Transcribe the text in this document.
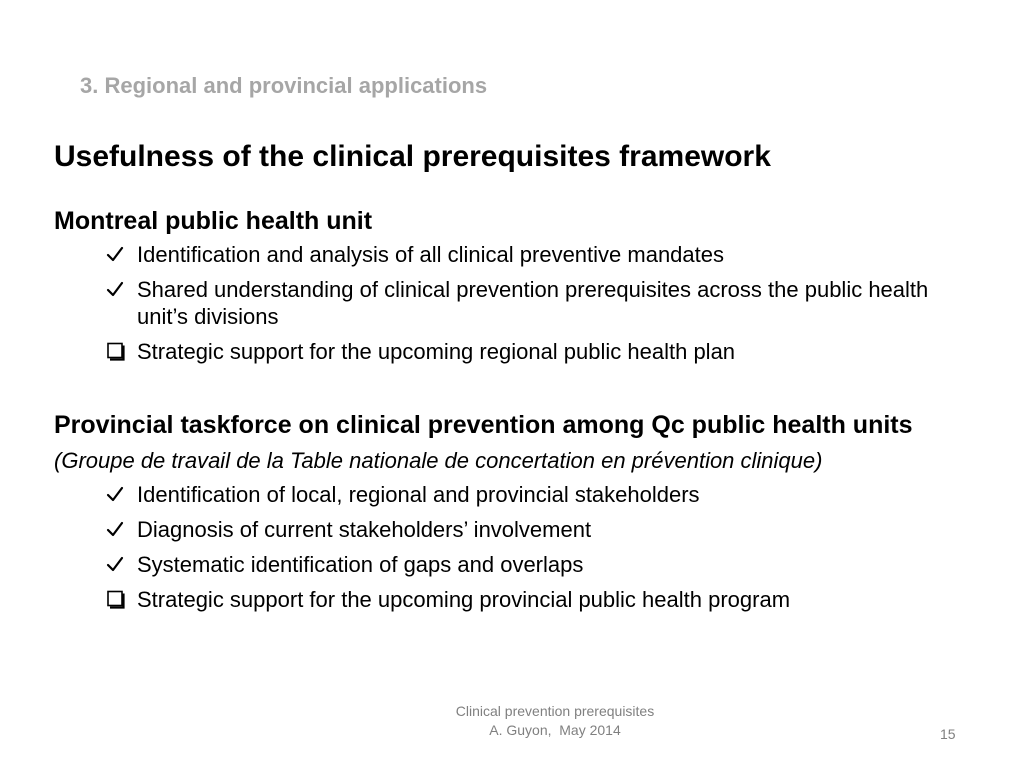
3. Regional and provincial applications
Usefulness of the clinical prerequisites framework
Montreal public health unit
Identification and analysis of all clinical preventive mandates
Shared understanding of clinical prevention prerequisites across the public health unit’s divisions
Strategic support for the upcoming regional public health plan
Provincial taskforce on clinical prevention among Qc public health units
(Groupe de travail de la Table nationale de concertation en prévention clinique)
Identification of local, regional and provincial stakeholders
Diagnosis of current stakeholders’ involvement
Systematic identification of gaps and overlaps
Strategic support for the upcoming provincial public health program
Clinical prevention prerequisites
A. Guyon,  May 2014	15
